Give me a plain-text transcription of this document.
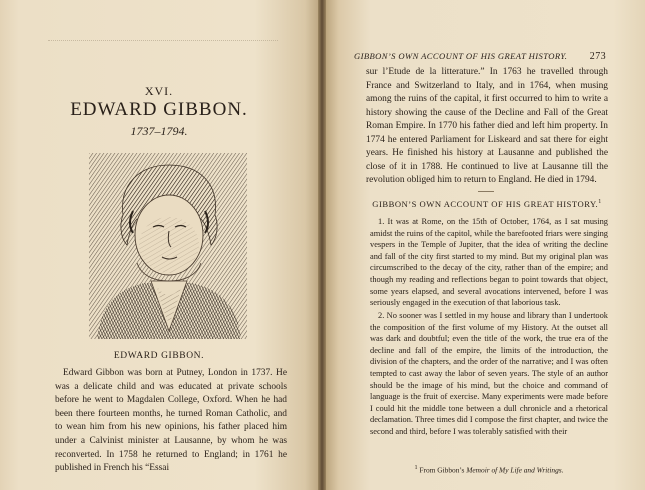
XVI.
EDWARD GIBBON.
1737–1794.
EDWARD GIBBON.
Edward Gibbon was born at Putney, London in 1737. He was a delicate child and was educated at private schools before he went to Magdalen College, Oxford. When he had been there fourteen months, he turned Roman Catholic, and to wean him from his new opinions, his father placed him under a Calvinist minister at Lausanne, by whom he was reconverted. In 1758 he returned to England; in 1761 he published in French his “Essai
GIBBON’S OWN ACCOUNT OF HIS GREAT HISTORY. 273
sur l’Etude de la litterature.” In 1763 he travelled through France and Switzerland to Italy, and in 1764, when musing among the ruins of the capital, it first occurred to him to write a history showing the cause of the Decline and Fall of the Great Roman Empire. In 1770 his father died and left him property. In 1774 he entered Parliament for Liskeard and sat there for eight years. He finished his history at Lausanne and published the close of it in 1788. He continued to live at Lausanne till the revolution obliged him to return to England. He died in 1794.
GIBBON’S OWN ACCOUNT OF HIS GREAT HISTORY.$^1$
1. It was at Rome, on the 15th of October, 1764, as I sat musing amidst the ruins of the capitol, while the barefooted friars were singing vespers in the Temple of Jupiter, that the idea of writing the decline and fall of the city first started to my mind. But my original plan was circumscribed to the decay of the city, rather than of the empire; and though my reading and reflections began to point towards that object, some years elapsed, and several avocations intervened, before I was seriously engaged in the execution of that laborious task.
2. No sooner was I settled in my house and library than I undertook the composition of the first volume of my History. At the outset all was dark and doubtful; even the title of the work, the true era of the decline and fall of the empire, the limits of the introduction, the division of the chapters, and the order of the narrative; and I was often tempted to cast away the labor of seven years. The style of an author should be the image of his mind, but the choice and command of language is the fruit of exercise. Many experiments were made before I could hit the middle tone between a dull chronicle and a rhetorical declamation. Three times did I compose the first chapter, and twice the second and third, before I was tolerably satisfied with their
$^1$ From Gibbon’s Memoir of My Life and Writings.
